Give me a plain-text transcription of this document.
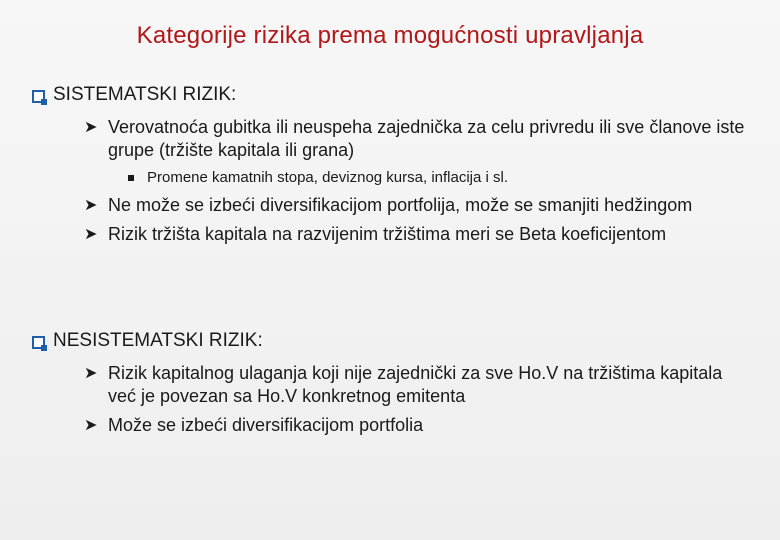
Kategorije rizika prema mogućnosti upravljanja
SISTEMATSKI RIZIK:
➤ Verovatnoća gubitka ili neuspeha zajednička za celu privredu ili sve članove iste grupe (tržište kapitala ili grana)
Promene kamatnih stopa, deviznog kursa, inflacija i sl.
➤ Ne može se izbeći diversifikacijom portfolija, može se smanjiti hedžingom
➤ Rizik tržišta kapitala na razvijenim tržištima meri se Beta koeficijentom
NESISTEMATSKI RIZIK:
➤ Rizik kapitalnog ulaganja koji nije zajednički za sve Ho.V na tržištima kapitala već je povezan sa Ho.V konkretnog emitenta
➤ Može se izbeći diversifikacijom portfolia
